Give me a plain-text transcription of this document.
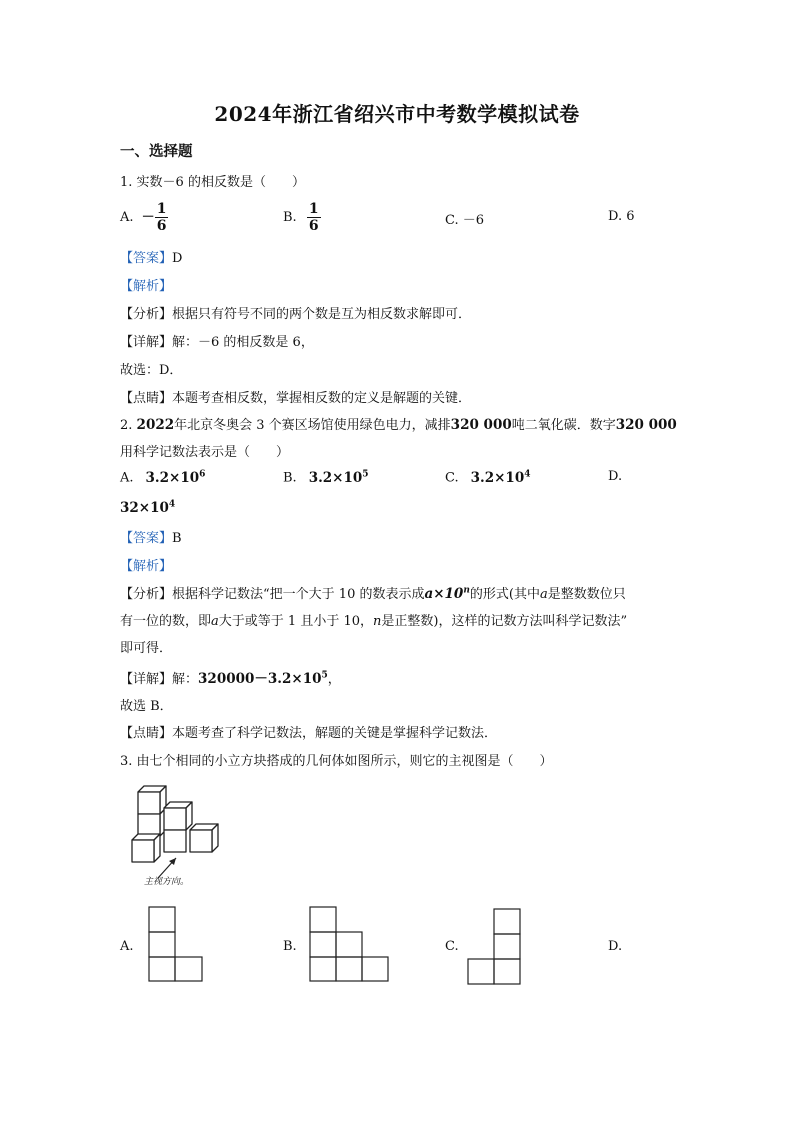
2024年浙江省绍兴市中考数学模拟试卷
一、选择题
1. 实数－6 的相反数是（　　）
A. － $\frac{1}{6}$	B. $\frac{1}{6}$	C. －6	D. 6
【答案】D
【解析】
【分析】根据只有符号不同的两个数是互为相反数求解即可．
【详解】解：－6 的相反数是 6，
故选：D．
【点睛】本题考查相反数，掌握相反数的定义是解题的关键．
2. 2022年北京冬奥会 3 个赛区场馆使用绿色电力，减排320 000吨二氧化碳．数字320 000
用科学记数法表示是（　　）
A. $3.2\times 10^6$	B. $3.2\times 10^5$	C. $3.2\times 10^4$	D.
$32\times 10^4$
【答案】B
【解析】
【分析】根据科学记数法“把一个大于 10 的数表示成$a\times 10^n$的形式(其中a是整数数位只
有一位的数，即a大于或等于 1 且小于 10，n是正整数)，这样的记数方法叫科学记数法”
即可得．
【详解】解：$320000-3.2\times 10^5$，
故选 B．
【点睛】本题考查了科学记数法，解题的关键是掌握科学记数法．
3. 由七个相同的小立方块搭成的几何体如图所示，则它的主视图是（　　）
主视方向。
A.	B.	C.	D.
